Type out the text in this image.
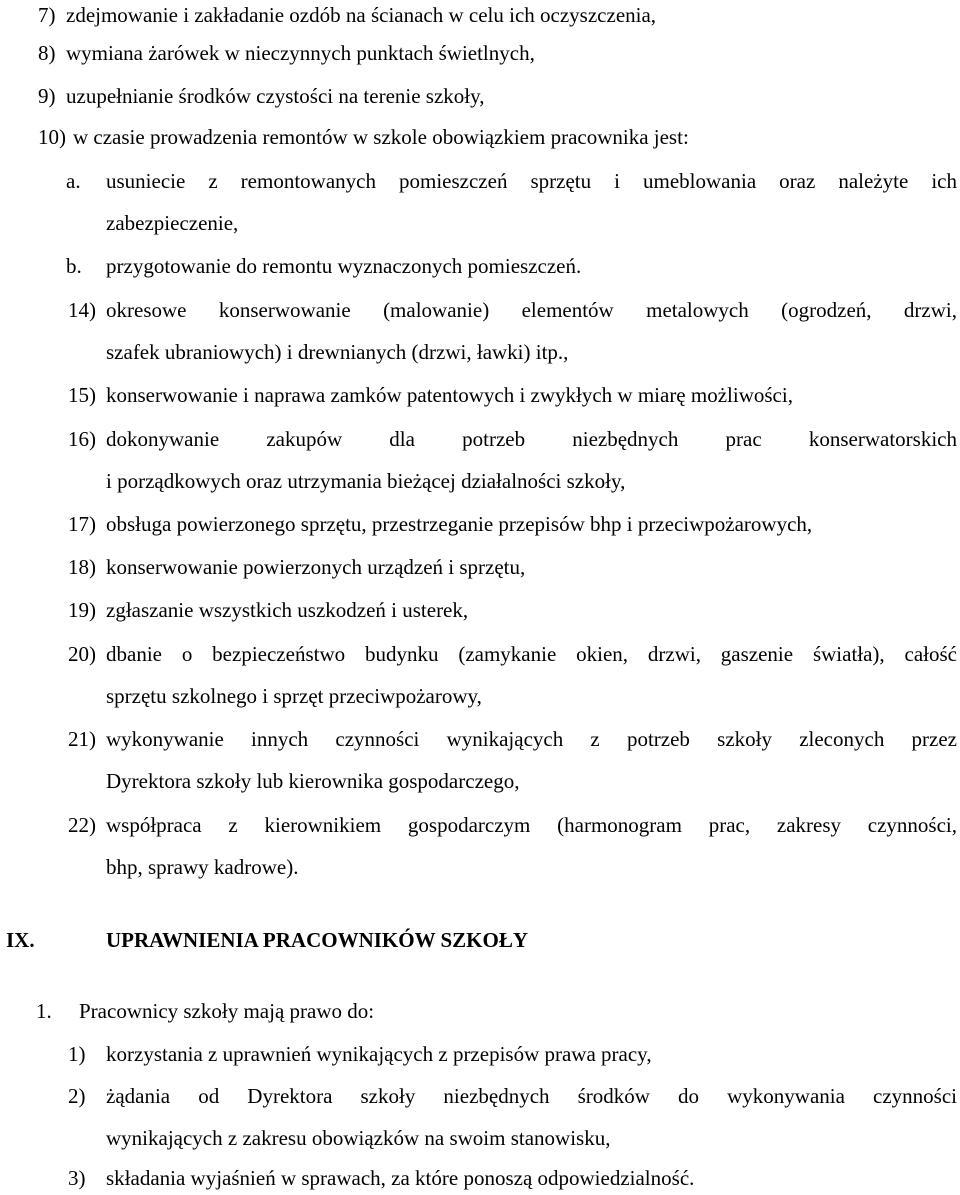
7) zdejmowanie i zakładanie ozdób na ścianach w celu ich oczyszczenia,
8) wymiana żarówek w nieczynnych punktach świetlnych,
9) uzupełnianie środków czystości na terenie szkoły,
10) w czasie prowadzenia remontów w szkole obowiązkiem pracownika jest:
a. usuniecie z remontowanych pomieszczeń sprzętu i umeblowania oraz należyte ich
zabezpieczenie,
b. przygotowanie do remontu wyznaczonych pomieszczeń.
14) okresowe konserwowanie (malowanie) elementów metalowych (ogrodzeń, drzwi,
szafek ubraniowych) i drewnianych (drzwi, ławki) itp.,
15) konserwowanie i naprawa zamków patentowych i zwykłych w miarę możliwości,
16) dokonywanie zakupów dla potrzeb niezbędnych prac konserwatorskich
i porządkowych oraz utrzymania bieżącej działalności szkoły,
17) obsługa powierzonego sprzętu, przestrzeganie przepisów bhp i przeciwpożarowych,
18) konserwowanie powierzonych urządzeń i sprzętu,
19) zgłaszanie wszystkich uszkodzeń i usterek,
20) dbanie o bezpieczeństwo budynku (zamykanie okien, drzwi, gaszenie światła), całość
sprzętu szkolnego i sprzęt przeciwpożarowy,
21) wykonywanie innych czynności wynikających z potrzeb szkoły zleconych przez
Dyrektora szkoły lub kierownika gospodarczego,
22) współpraca z kierownikiem gospodarczym (harmonogram prac, zakresy czynności,
bhp, sprawy kadrowe).
IX.	UPRAWNIENIA PRACOWNIKÓW SZKOŁY
1. Pracownicy szkoły mają prawo do:
1) korzystania z uprawnień wynikających z przepisów prawa pracy,
2) żądania od Dyrektora szkoły niezbędnych środków do wykonywania czynności
wynikających z zakresu obowiązków na swoim stanowisku,
3) składania wyjaśnień w sprawach, za które ponoszą odpowiedzialność.
